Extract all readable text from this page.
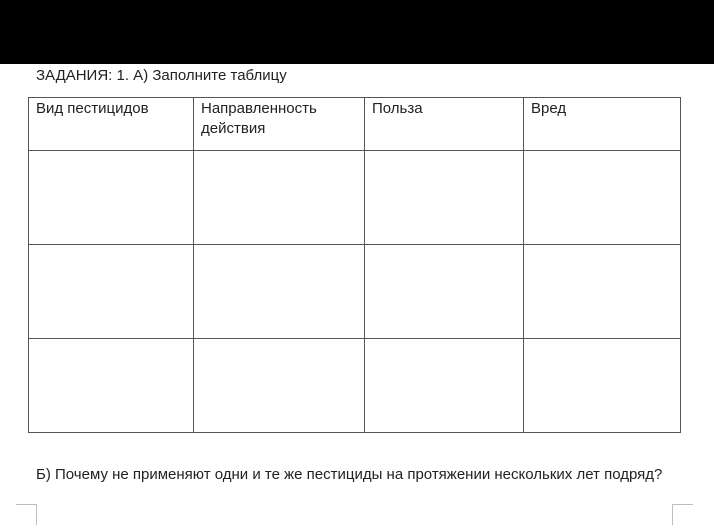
ЗАДАНИЯ: 1. А) Заполните таблицу
Вид пестицидов	Направленность действия	Польза	Вред

Б) Почему не применяют одни и те же пестициды на протяжении нескольких лет подряд?
